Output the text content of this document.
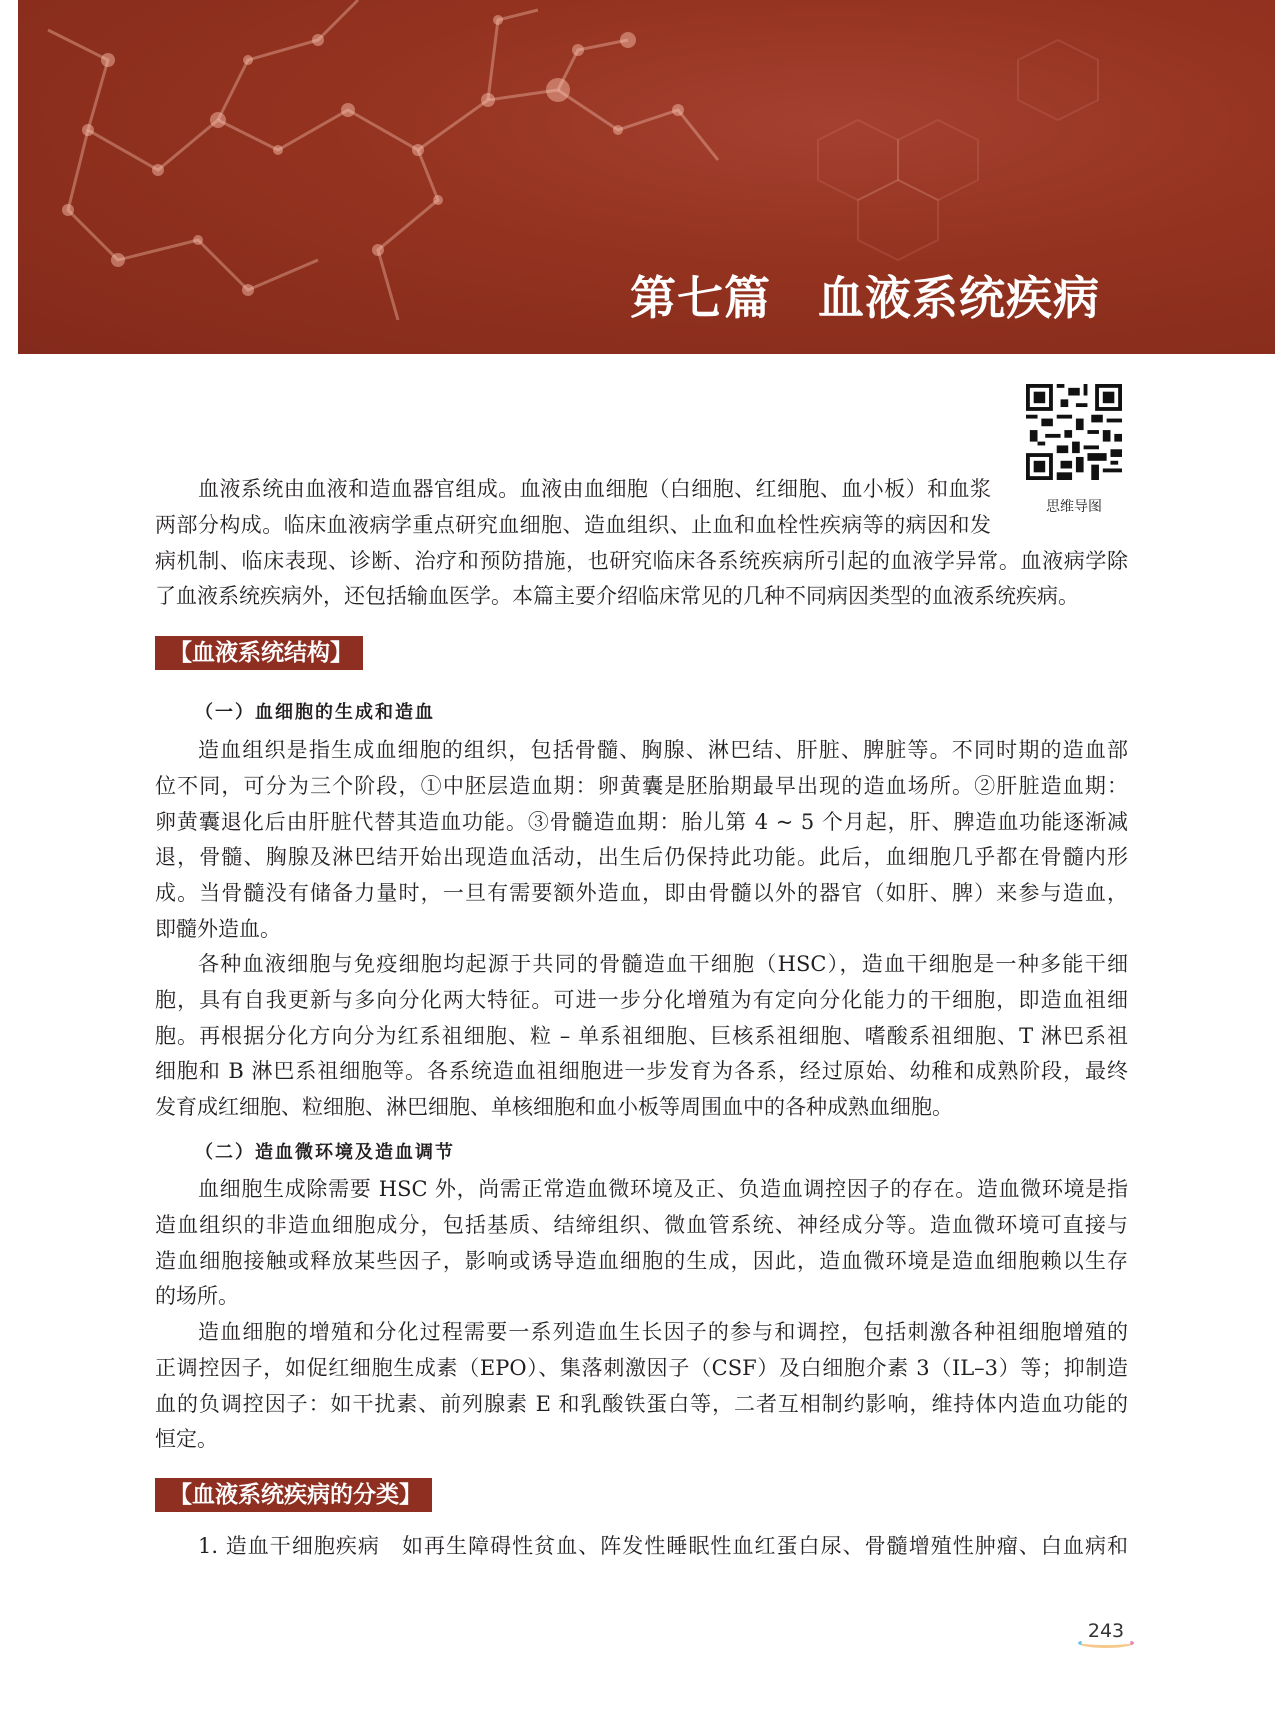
第七篇　血液系统疾病
思维导图
血液系统由血液和造血器官组成。血液由血细胞（白细胞、红细胞、血小板）和血浆
两部分构成。临床血液病学重点研究血细胞、造血组织、止血和血栓性疾病等的病因和发
病机制、临床表现、诊断、治疗和预防措施，也研究临床各系统疾病所引起的血液学异常。血液病学除
了血液系统疾病外，还包括输血医学。本篇主要介绍临床常见的几种不同病因类型的血液系统疾病。
【血液系统结构】
（一）血细胞的生成和造血
造血组织是指生成血细胞的组织，包括骨髓、胸腺、淋巴结、肝脏、脾脏等。不同时期的造血部
位不同，可分为三个阶段，①中胚层造血期：卵黄囊是胚胎期最早出现的造血场所。②肝脏造血期：
卵黄囊退化后由肝脏代替其造血功能。③骨髓造血期：胎儿第 4 ~ 5 个月起，肝、脾造血功能逐渐减
退，骨髓、胸腺及淋巴结开始出现造血活动，出生后仍保持此功能。此后，血细胞几乎都在骨髓内形
成。当骨髓没有储备力量时，一旦有需要额外造血，即由骨髓以外的器官（如肝、脾）来参与造血，
即髓外造血。
各种血液细胞与免疫细胞均起源于共同的骨髓造血干细胞（HSC），造血干细胞是一种多能干细
胞，具有自我更新与多向分化两大特征。可进一步分化增殖为有定向分化能力的干细胞，即造血祖细
胞。再根据分化方向分为红系祖细胞、粒 – 单系祖细胞、巨核系祖细胞、嗜酸系祖细胞、T 淋巴系祖
细胞和 B 淋巴系祖细胞等。各系统造血祖细胞进一步发育为各系，经过原始、幼稚和成熟阶段，最终
发育成红细胞、粒细胞、淋巴细胞、单核细胞和血小板等周围血中的各种成熟血细胞。
（二）造血微环境及造血调节
血细胞生成除需要 HSC 外，尚需正常造血微环境及正、负造血调控因子的存在。造血微环境是指
造血组织的非造血细胞成分，包括基质、结缔组织、微血管系统、神经成分等。造血微环境可直接与
造血细胞接触或释放某些因子，影响或诱导造血细胞的生成，因此，造血微环境是造血细胞赖以生存
的场所。
造血细胞的增殖和分化过程需要一系列造血生长因子的参与和调控，包括刺激各种祖细胞增殖的
正调控因子，如促红细胞生成素（EPO）、集落刺激因子（CSF）及白细胞介素 3（IL–3）等；抑制造
血的负调控因子：如干扰素、前列腺素 E 和乳酸铁蛋白等，二者互相制约影响，维持体内造血功能的
恒定。
【血液系统疾病的分类】
1. 造血干细胞疾病　如再生障碍性贫血、阵发性睡眠性血红蛋白尿、骨髓增殖性肿瘤、白血病和
243
